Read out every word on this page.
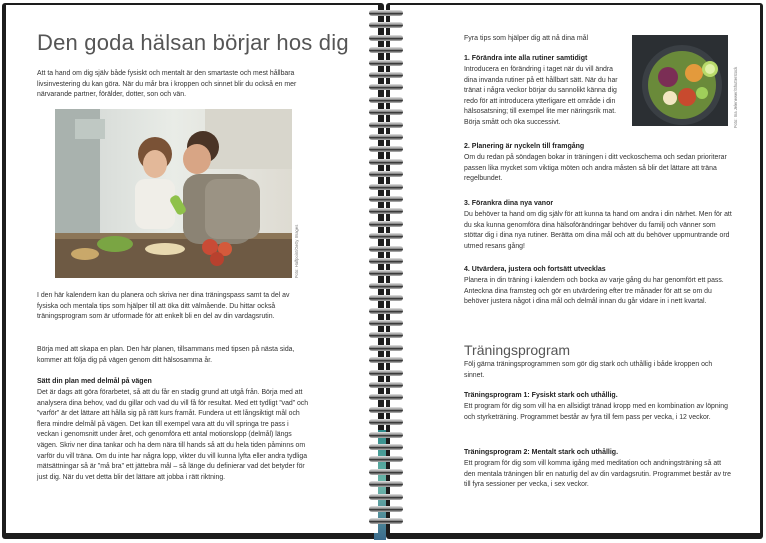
Den goda hälsan börjar hos dig

Att ta hand om dig själv både fysiskt och mentalt är den smartaste och mest hållbara livsinvestering du kan göra. När du mår bra i kroppen och sinnet blir du också en mer närvarande partner, förälder, dotter, son och vän.

Foto: Halfpoint/Getty Images

I den här kalendern kan du planera och skriva ner dina träningspass samt ta del av fysiska och mentala tips som hjälper till att öka ditt välmående. Du hittar också träningsprogram som är utformade för att enkelt bli en del av din vardagsrutin.

Börja med att skapa en plan. Den här planen, tillsammans med tipsen på nästa sida, kommer att följa dig på vägen genom ditt hälsosamma år.

Sätt din plan med delmål på vägen

Det är dags att göra förarbetet, så att du får en stadig grund att utgå från. Börja med att analysera dina behov, vad du gillar och vad du vill få för resultat. Med ett tydligt ”vad” och ”varför” är det lättare att hålla sig på rätt kurs framåt. Fundera ut ett långsiktigt mål och flera mindre delmål på vägen. Det kan till exempel vara att du vill springa tre pass i veckan i genomsnitt under året, och genomföra ett antal motionslopp (delmål) längs vägen. Skriv ner dina tankar och ha dem nära till hands så att du hela tiden påminns om varför du vill träna. Om du inte har några lopp, vikter du vill kunna lyfta eller andra tydliga mätsättningar så är ”må bra” ett jättebra mål – så länge du definierar vad det betyder för just dig. När du vet detta blir det lättare att jobba i rätt riktning.

Fyra tips som hjälper dig att nå dina mål
Foto: Ina Jelenewer/Shutterstock
1. Förändra inte alla rutiner samtidigt

Introducera en förändring i taget när du vill ändra dina invanda rutiner på ett hållbart sätt. När du har tränat i några veckor börjar du sannolikt känna dig redo för att introducera ytterligare ett område i din hälsosatsning; till exempel lite mer näringsrik mat. Börja smått och öka successivt.

2. Planering är nyckeln till framgång

Om du redan på söndagen bokar in träningen i ditt veckoschema och sedan prioriterar passen lika mycket som viktiga möten och andra måsten så blir det lättare att träna regelbundet.

3. Förankra dina nya vanor

Du behöver ta hand om dig själv för att kunna ta hand om andra i din närhet. Men för att du ska kunna genomföra dina hälsoförändringar behöver du familj och vänner som stöttar dig i dina nya rutiner. Berätta om dina mål och att du behöver uppmuntrande ord utmed resans gång!

4. Utvärdera, justera och fortsätt utvecklas

Planera in din träning i kalendern och bocka av varje gång du har genomfört ett pass. Anteckna dina framsteg och gör en utvärdering efter tre månader för att se om du behöver justera något i dina mål och delmål innan du går vidare in i nett kvartal.

Träningsprogram

Följ gärna träningsprogrammen som gör dig stark och uthållig i både kroppen och sinnet.

Träningsprogram 1: Fysiskt stark och uthållig.

Ett program för dig som vill ha en allsidigt tränad kropp med en kombination av löpning och styrketräning. Programmet består av fyra till fem pass per vecka, i 12 veckor.

Träningsprogram 2: Mentalt stark och uthållig.

Ett program för dig som vill komma igång med meditation och andningsträning så att den mentala träningen blir en naturlig del av din vardagsrutin. Programmet består av tre till fyra sessioner per vecka, i sex veckor.
